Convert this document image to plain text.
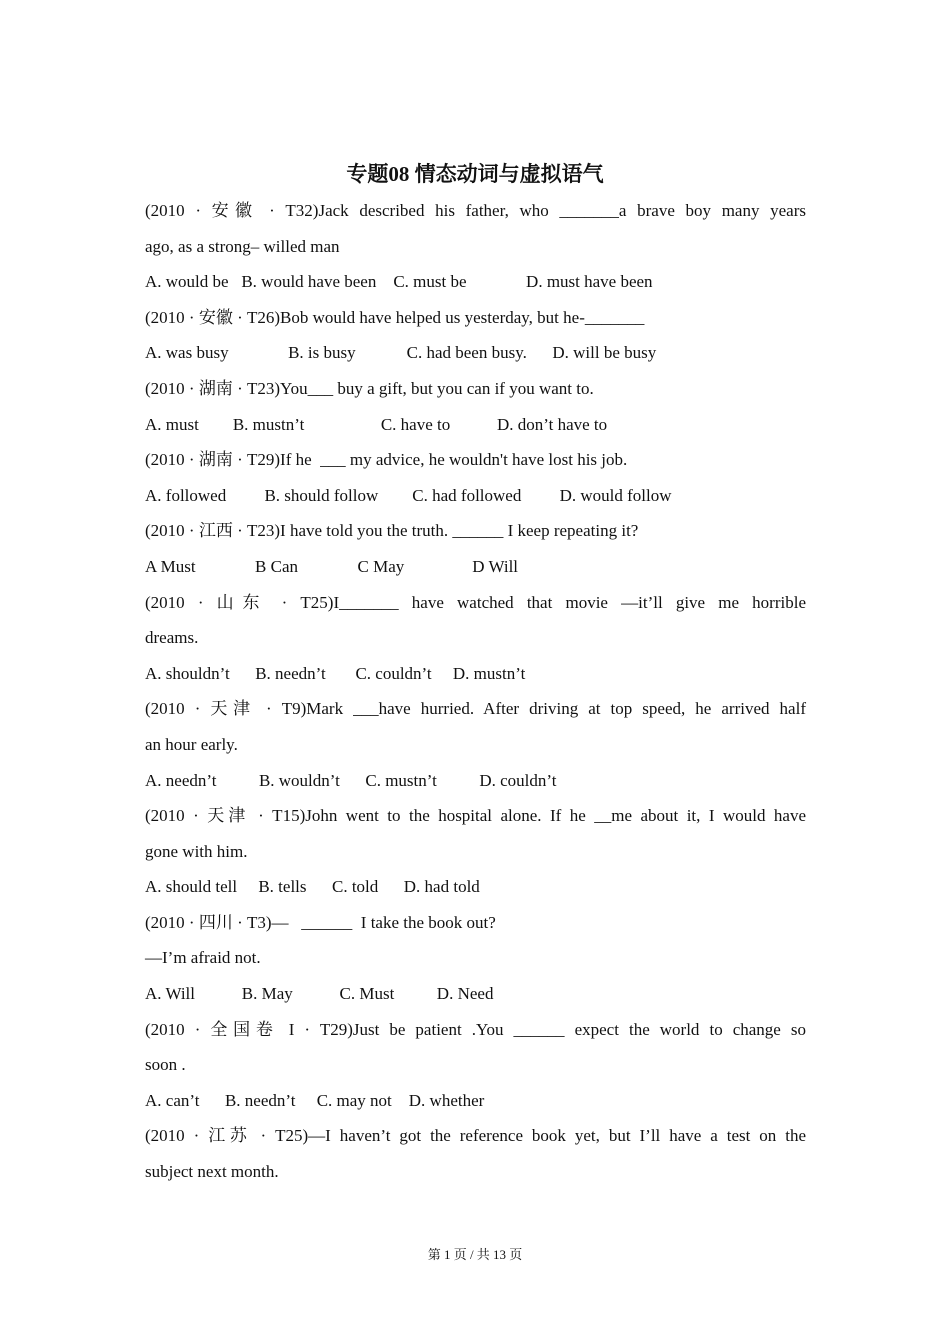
专题08 情态动词与虚拟语气
(2010 · 安徽 · T32)Jack described his father, who _______a brave boy many years
ago, as a strong– willed man
A. would be   B. would have been    C. must be              D. must have been
(2010 · 安徽 · T26)Bob would have helped us yesterday, but he-_______
A. was busy              B. is busy            C. had been busy.      D. will be busy
(2010 · 湖南 · T23)You___ buy a gift, but you can if you want to.
A. must        B. mustn’t                  C. have to           D. don’t have to
(2010 · 湖南 · T29)If he  ___ my advice, he wouldn't have lost his job.
A. followed         B. should follow        C. had followed         D. would follow
(2010 · 江西 · T23)I have told you the truth. ______ I keep repeating it?
A Must              B Can              C May                D Will
(2010 · 山东 · T25)I_______ have watched that movie —it’ll give me horrible
dreams.
A. shouldn’t      B. needn’t       C. couldn’t     D. mustn’t
(2010 · 天津 · T9)Mark ___have hurried. After driving at top speed, he arrived half
an hour early.
A. needn’t          B. wouldn’t      C. mustn’t          D. couldn’t
(2010 · 天津 · T15)John went to the hospital alone. If he __me about it, I would have
gone with him.
A. should tell     B. tells      C. told      D. had told
(2010 · 四川 · T3)—   ______  I take the book out?
—I’m afraid not.
A. Will           B. May           C. Must          D. Need
(2010 · 全国卷 I · T29)Just be patient .You ______ expect the world to change so
soon .
A. can’t      B. needn’t     C. may not    D. whether
(2010 · 江苏 · T25)—I haven’t got the reference book yet, but I’ll have a test on the
subject next month.
第 1 页 / 共 13 页
